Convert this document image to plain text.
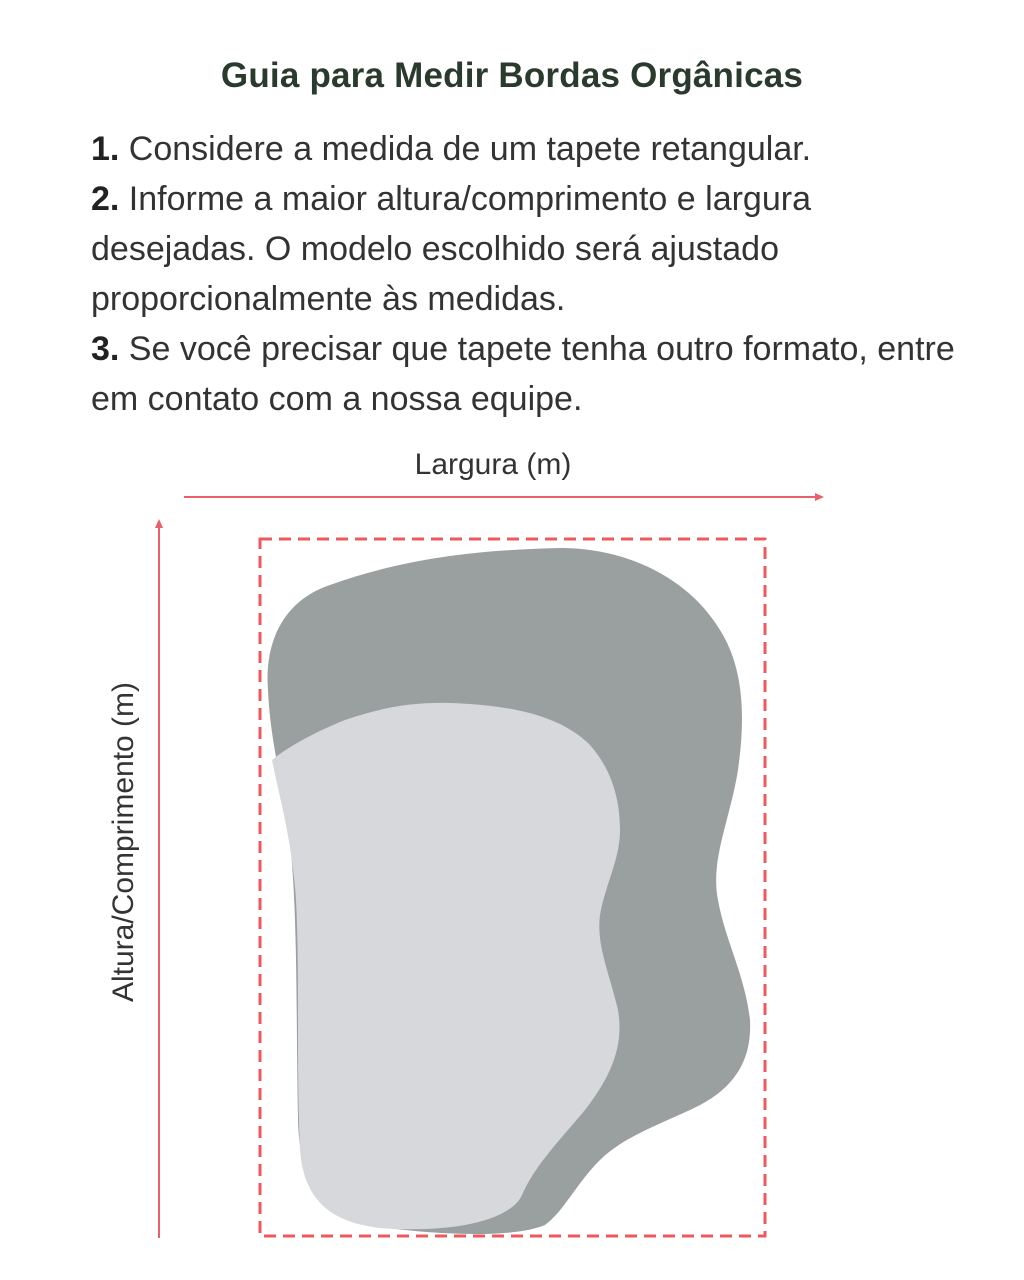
Guia para Medir Bordas Orgânicas

1. Considere a medida de um tapete retangular.

2. Informe a maior altura/comprimento e largura desejadas. O modelo escolhido será ajustado proporcionalmente às medidas.

3. Se você precisar que tapete tenha outro formato, entre em contato com a nossa equipe.

Largura (m)
Altura/Comprimento (m)
